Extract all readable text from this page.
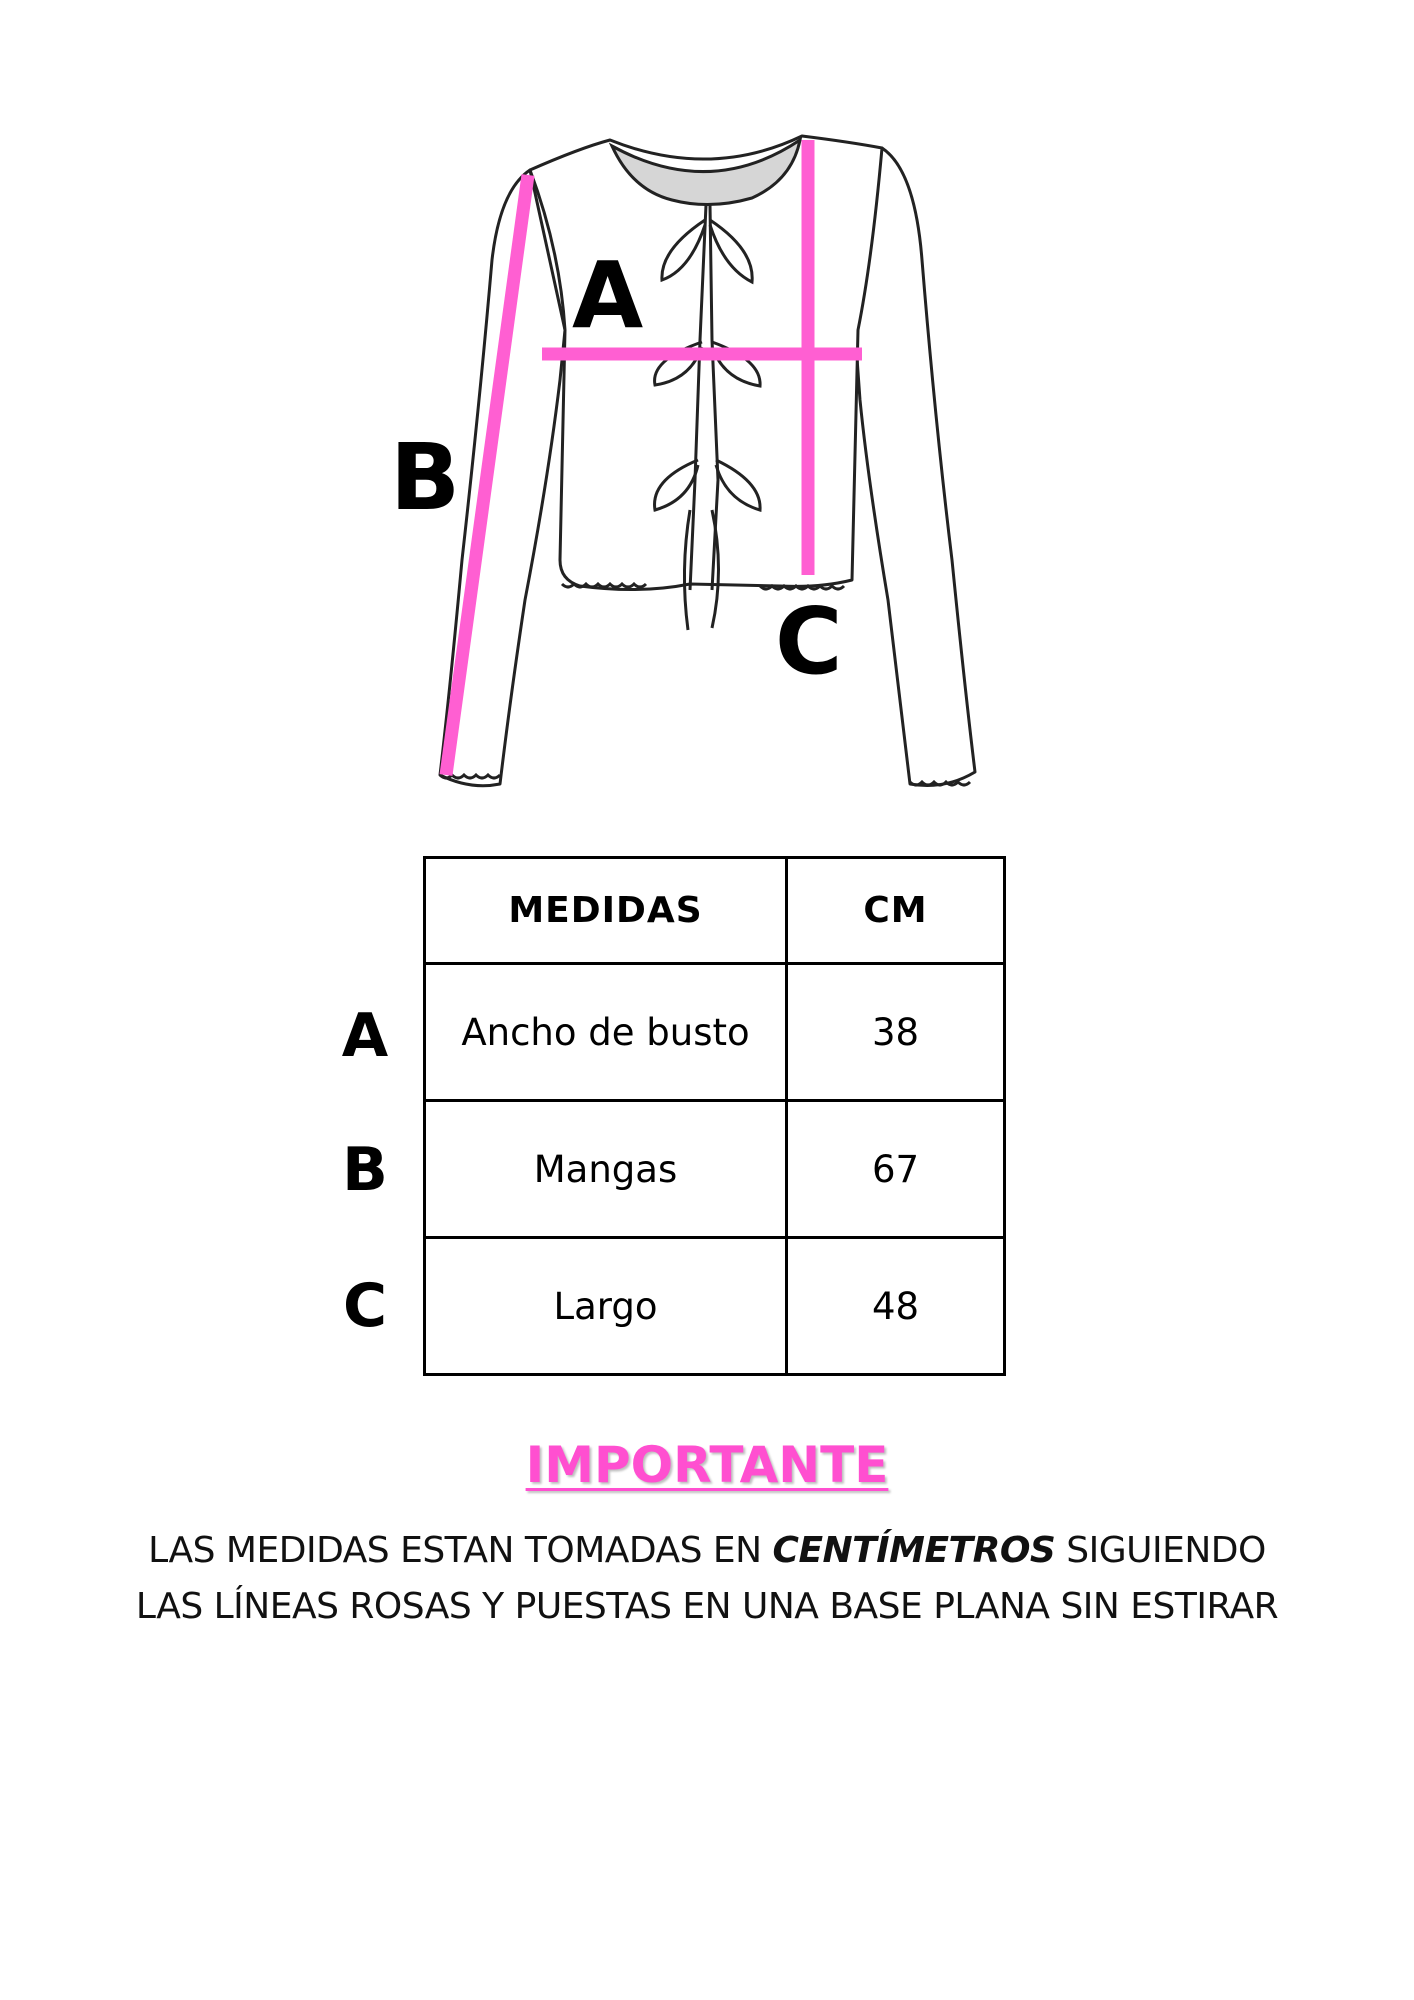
A
B
C
MEDIDAS	CM
Ancho de busto	38
Mangas	67
Largo	48
A
B
C
IMPORTANTE
LAS MEDIDAS ESTAN TOMADAS EN CENTÍMETROS SIGUIENDO
LAS LÍNEAS ROSAS Y PUESTAS EN UNA BASE PLANA SIN ESTIRAR
